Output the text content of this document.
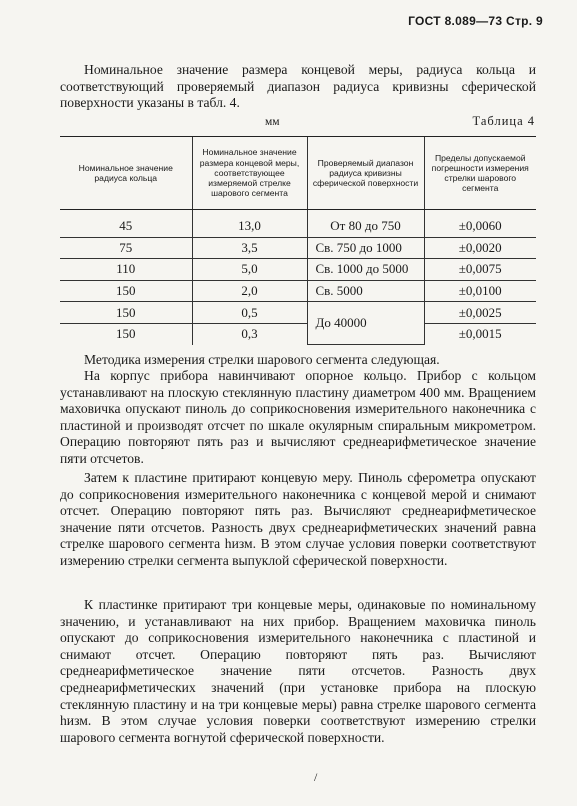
ГОСТ 8.089—73 Стр. 9

Номинальное значение размера концевой меры, радиуса кольца и соответствующий проверяемый диапазон радиуса кривизны сферической поверхности указаны в табл. 4.

мм	Таблица 4
Номинальное значение радиуса кольца	Номинальное значение размера концевой меры, соответствующее измеряемой стрелке шарового сегмента	Проверяемый диапазон радиуса кривизны сферической поверхности	Пределы допускаемой погрешности измерения стрелки шарового сегмента
45	13,0	От 80 до 750	±0,0060
75	3,5	Св. 750 до 1000	±0,0020
110	5,0	Св. 1000 до 5000	±0,0075
150	2,0	Св. 5000	±0,0100
150	0,5	До 40000	±0,0025
150	0,3		±0,0015

Методика измерения стрелки шарового сегмента следующая.

На корпус прибора навинчивают опорное кольцо. Прибор с кольцом устанавливают на плоскую стеклянную пластину диаметром 400 мм. Вращением маховичка опускают пиноль до соприкосновения измерительного наконечника с пластиной и производят отсчет по шкале окулярным спиральным микрометром. Операцию повторяют пять раз и вычисляют среднеарифметическое значение пяти отсчетов.

Затем к пластине притирают концевую меру. Пиноль сферометра опускают до соприкосновения измерительного наконечника с концевой мерой и снимают отсчет. Операцию повторяют пять раз. Вычисляют среднеарифметическое значение пяти отсчетов. Разность двух среднеарифметических значений равна стрелке шарового сегмента hизм. В этом случае условия поверки соответствуют измерению стрелки сегмента выпуклой сферической поверхности.

К пластинке притирают три концевые меры, одинаковые по номинальному значению, и устанавливают на них прибор. Вращением маховичка пиноль опускают до соприкосновения измерительного наконечника с пластиной и снимают отсчет. Операцию повторяют пять раз. Вычисляют среднеарифметическое значение пяти отсчетов. Разность двух среднеарифметических значений (при установке прибора на плоскую стеклянную пластину и на три концевые меры) равна стрелке шарового сегмента hизм. В этом случае условия поверки соответствуют измерению стрелки шарового сегмента вогнутой сферической поверхности.

/
